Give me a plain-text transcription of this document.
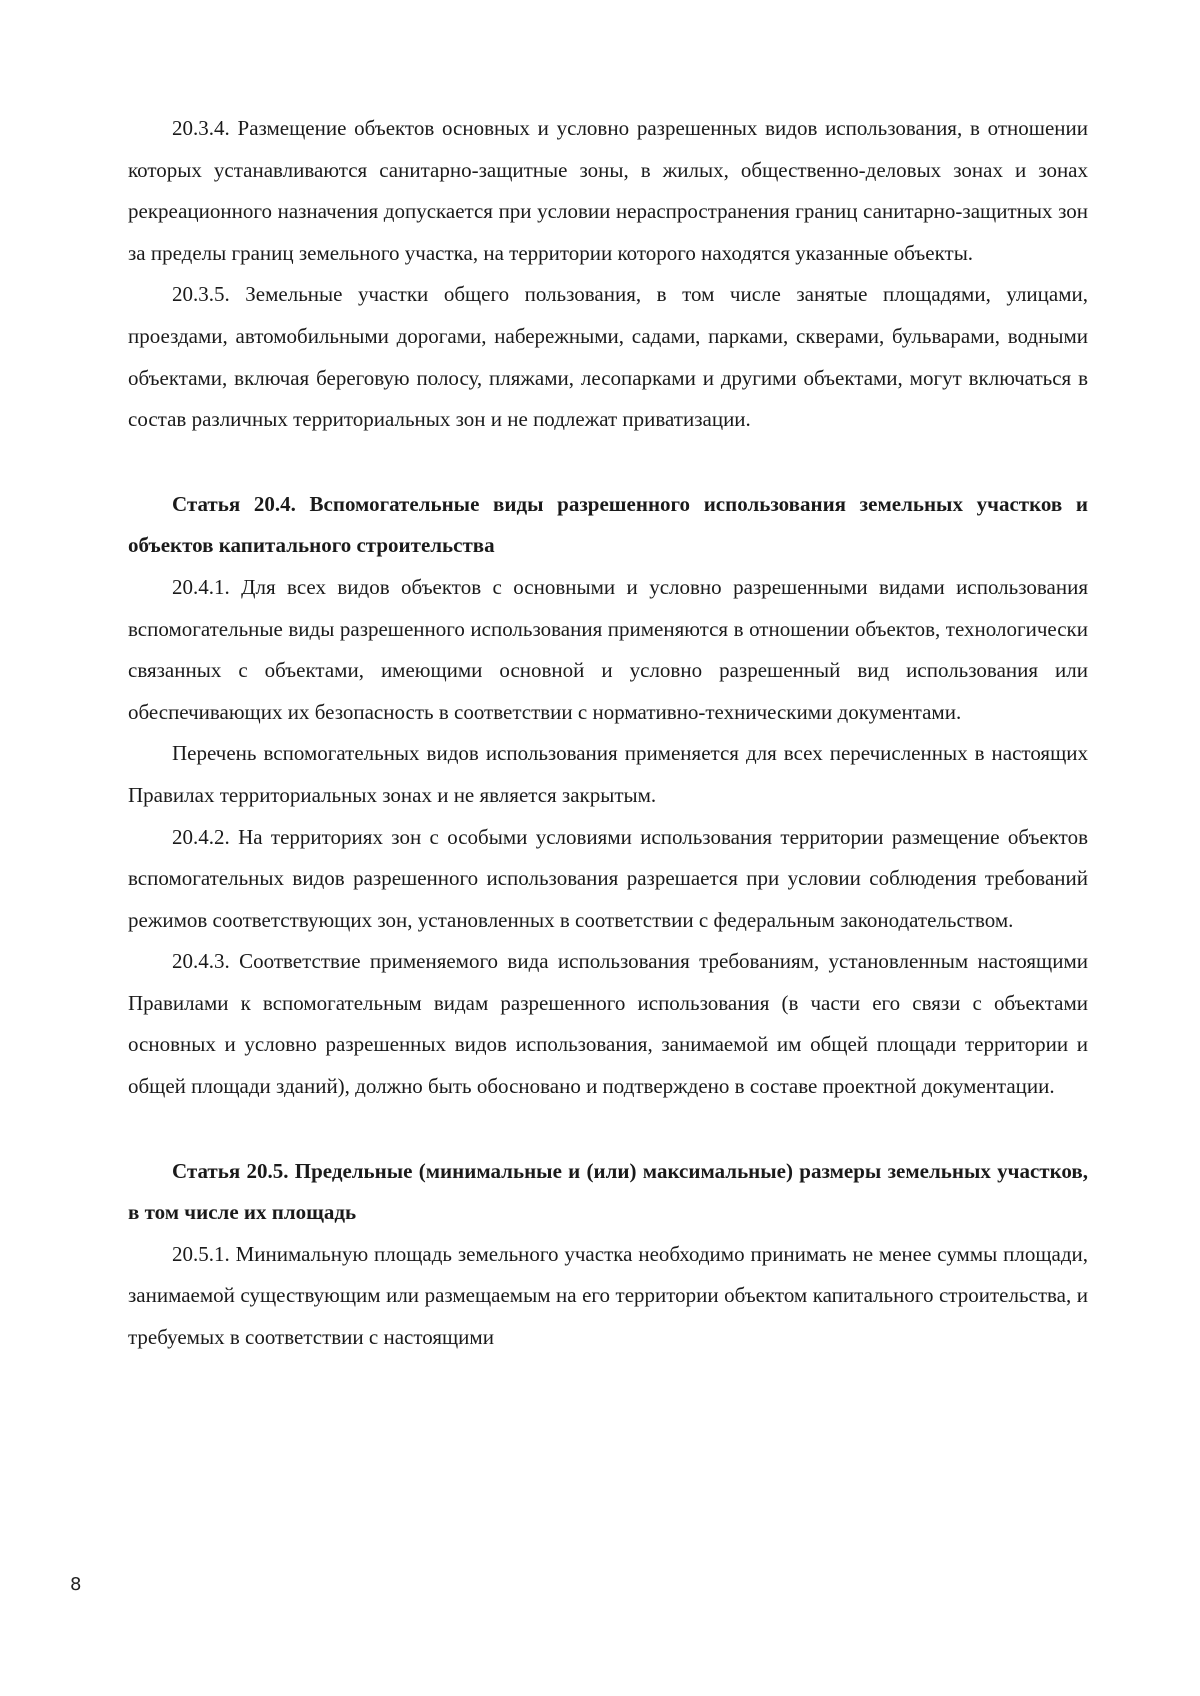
20.3.4. Размещение объектов основных и условно разрешенных видов использования, в отношении которых устанавливаются санитарно-защитные зоны, в жилых, общественно-деловых зонах и зонах рекреационного назначения допускается при условии нераспространения границ санитарно-защитных зон за пределы границ земельного участка, на территории которого находятся указанные объекты.

20.3.5. Земельные участки общего пользования, в том числе занятые площадями, улицами, проездами, автомобильными дорогами, набережными, садами, парками, скверами, бульварами, водными объектами, включая береговую полосу, пляжами, лесопарками и другими объектами, могут включаться в состав различных территориальных зон и не подлежат приватизации.

Статья 20.4. Вспомогательные виды разрешенного использования земельных участков и объектов капитального строительства

20.4.1. Для всех видов объектов с основными и условно разрешенными видами использования вспомогательные виды разрешенного использования применяются в отношении объектов, технологически связанных с объектами, имеющими основной и условно разрешенный вид использования или обеспечивающих их безопасность в соответствии с нормативно-техническими документами.

Перечень вспомогательных видов использования применяется для всех перечисленных в настоящих Правилах территориальных зонах и не является закрытым.

20.4.2. На территориях зон с особыми условиями использования территории размещение объектов вспомогательных видов разрешенного использования разрешается при условии соблюдения требований режимов соответствующих зон, установленных в соответствии с федеральным законодательством.

20.4.3. Соответствие применяемого вида использования требованиям, установленным настоящими Правилами к вспомогательным видам разрешенного использования (в части его связи с объектами основных и условно разрешенных видов использования, занимаемой им общей площади территории и общей площади зданий), должно быть обосновано и подтверждено в составе проектной документации.

Статья 20.5. Предельные (минимальные и (или) максимальные) размеры земельных участков, в том числе их площадь

20.5.1. Минимальную площадь земельного участка необходимо принимать не менее суммы площади, занимаемой существующим или размещаемым на его территории объектом капитального строительства, и требуемых в соответствии с настоящими

8
